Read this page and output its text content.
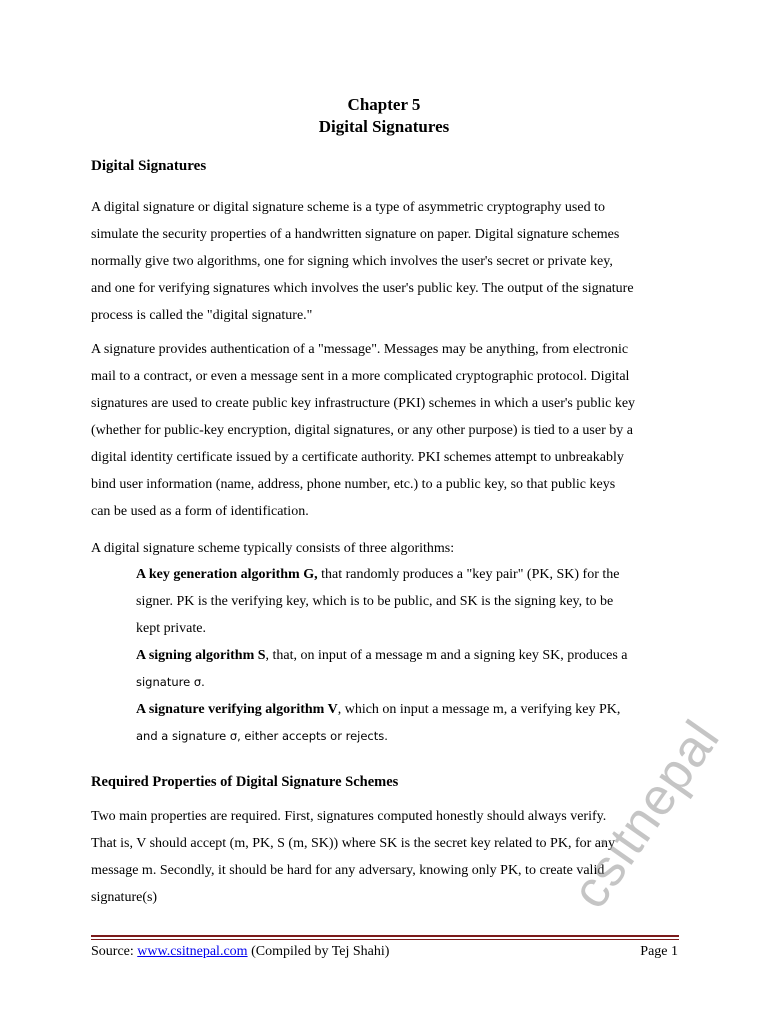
Chapter 5
Digital Signatures
Digital Signatures
A digital signature or digital signature scheme is a type of asymmetric cryptography used to
simulate the security properties of a handwritten signature on paper. Digital signature schemes
normally give two algorithms, one for signing which involves the user's secret or private key,
and one for verifying signatures which involves the user's public key. The output of the signature
process is called the "digital signature."
A signature provides authentication of a "message". Messages may be anything, from electronic
mail to a contract, or even a message sent in a more complicated cryptographic protocol. Digital
signatures are used to create public key infrastructure (PKI) schemes in which a user's public key
(whether for public-key encryption, digital signatures, or any other purpose) is tied to a user by a
digital identity certificate issued by a certificate authority. PKI schemes attempt to unbreakably
bind user information (name, address, phone number, etc.) to a public key, so that public keys
can be used as a form of identification.
A digital signature scheme typically consists of three algorithms:
A key generation algorithm G, that randomly produces a "key pair" (PK, SK) for the
signer. PK is the verifying key, which is to be public, and SK is the signing key, to be
kept private.
A signing algorithm S, that, on input of a message m and a signing key SK, produces a
signature σ.
A signature verifying algorithm V, which on input a message m, a verifying key PK,
and a signature σ, either accepts or rejects.
Required Properties of Digital Signature Schemes
Two main properties are required. First, signatures computed honestly should always verify.
That is, V should accept (m, PK, S (m, SK)) where SK is the secret key related to PK, for any
message m. Secondly, it should be hard for any adversary, knowing only PK, to create valid
signature(s)
Source: www.csitnepal.com (Compiled by Tej Shahi)	Page 1
csitnepal
